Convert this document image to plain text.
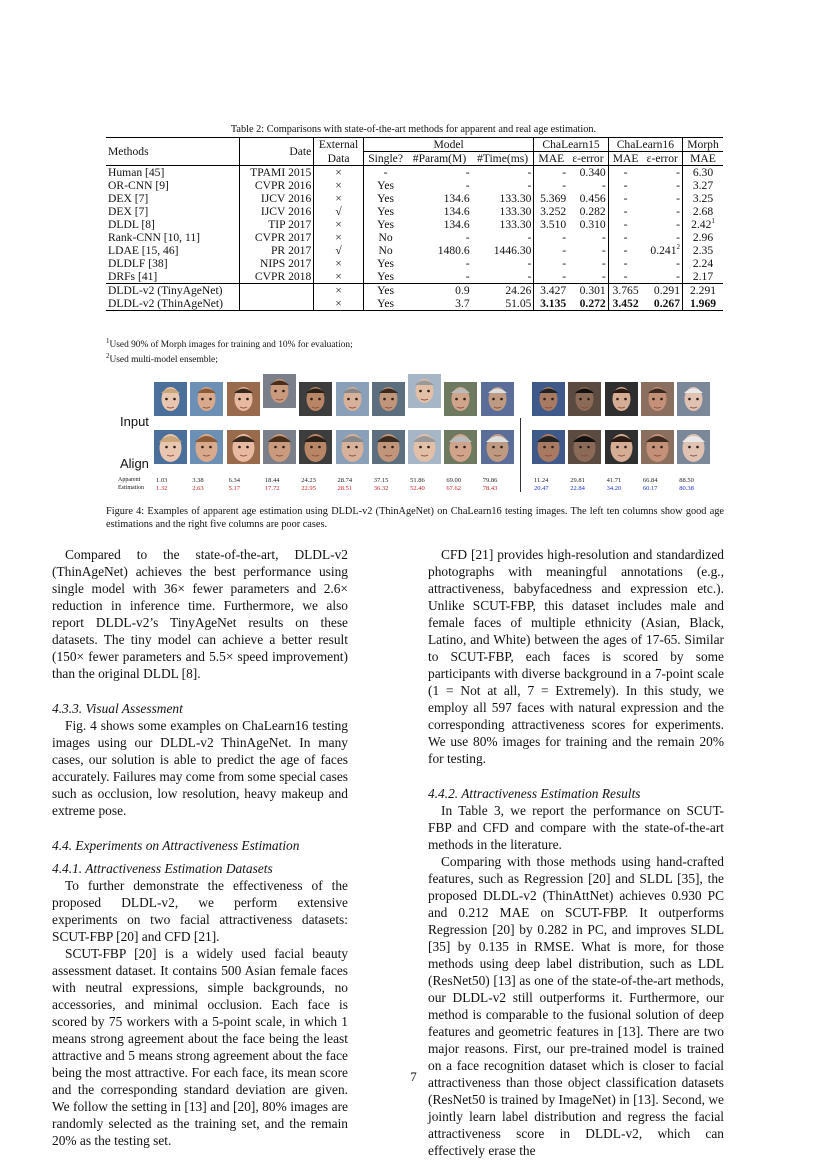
Table 2: Comparisons with state-of-the-art methods for apparent and real age estimation.
Methods	Date	External	Model			ChaLearn15		ChaLearn16		Morph
		Data	Single?	#Param(M)	#Time(ms)	MAE	ε-error	MAE	ε-error	MAE
Human [45]	TPAMI 2015	×	-	-	-	-	0.340	-	-	6.30
OR-CNN [9]	CVPR 2016	×	Yes	-	-	-	-	-	-	3.27
DEX [7]	IJCV 2016	×	Yes	134.6	133.30	5.369	0.456	-	-	3.25
DEX [7]	IJCV 2016	√	Yes	134.6	133.30	3.252	0.282	-	-	2.68
DLDL [8]	TIP 2017	×	Yes	134.6	133.30	3.510	0.310	-	-	2.42$^1$
Rank-CNN [10, 11]	CVPR 2017	×	No	-	-	-	-	-	-	2.96
LDAE [15, 46]	PR 2017	√	No	1480.6	1446.30	-	-	-	0.241$^2$	2.35
DLDLF [38]	NIPS 2017	×	Yes	-	-	-	-	-	-	2.24
DRFs [41]	CVPR 2018	×	Yes	-	-	-	-	-	-	2.17
DLDL-v2 (TinyAgeNet)		×	Yes	0.9	24.26	3.427	0.301	3.765	0.291	2.291
DLDL-v2 (ThinAgeNet)		×	Yes	3.7	51.05	3.135	0.272	3.452	0.267	1.969
$^1$Used 90% of Morph images for training and 10% for evaluation;
$^2$Used multi-model ensemble;
Input
Align
Apparent
Estimation
1.03
1.32
3.38
2.63
6.34
5.17
18.44
17.72
24.23
22.95
28.74
28.51
37.15
36.32
51.86
52.40
69.00
67.62
79.86
78.43
11.24
20.47
29.81
22.84
41.71
34.20
66.84
60.17
88.50
80.38
Figure 4: Examples of apparent age estimation using DLDL-v2 (ThinAgeNet) on ChaLearn16 testing images. The left ten columns show good age estimations and the right five columns are poor cases.

Compared to the state-of-the-art, DLDL-v2 (ThinAgeNet) achieves the best performance using single model with 36× fewer parameters and 2.6× reduction in inference time. Furthermore, we also report DLDL-v2’s TinyAgeNet results on these datasets. The tiny model can achieve a better result (150× fewer parameters and 5.5× speed improvement) than the original DLDL [8].

4.3.3. Visual Assessment

Fig. 4 shows some examples on ChaLearn16 testing images using our DLDL-v2 ThinAgeNet. In many cases, our solution is able to predict the age of faces accurately. Failures may come from some special cases such as occlusion, low resolution, heavy makeup and extreme pose.

4.4. Experiments on Attractiveness Estimation
4.4.1. Attractiveness Estimation Datasets

To further demonstrate the effectiveness of the proposed DLDL-v2, we perform extensive experiments on two facial attractiveness datasets: SCUT-FBP [20] and CFD [21].

SCUT-FBP [20] is a widely used facial beauty assessment dataset. It contains 500 Asian female faces with neutral expressions, simple backgrounds, no accessories, and minimal occlusion. Each face is scored by 75 workers with a 5-point scale, in which 1 means strong agreement about the face being the least attractive and 5 means strong agreement about the face being the most attractive. For each face, its mean score and the corresponding standard deviation are given. We follow the setting in [13] and [20], 80% images are randomly selected as the training set, and the remain 20% as the testing set.

CFD [21] provides high-resolution and standardized photographs with meaningful annotations (e.g., attractiveness, babyfacedness and expression etc.). Unlike SCUT-FBP, this dataset includes male and female faces of multiple ethnicity (Asian, Black, Latino, and White) between the ages of 17-65. Similar to SCUT-FBP, each faces is scored by some participants with diverse background in a 7-point scale (1 = Not at all, 7 = Extremely). In this study, we employ all 597 faces with natural expression and the corresponding attractiveness scores for experiments. We use 80% images for training and the remain 20% for testing.

4.4.2. Attractiveness Estimation Results

In Table 3, we report the performance on SCUT-FBP and CFD and compare with the state-of-the-art methods in the literature.

Comparing with those methods using hand-crafted features, such as Regression [20] and SLDL [35], the proposed DLDL-v2 (ThinAttNet) achieves 0.930 PC and 0.212 MAE on SCUT-FBP. It outperforms Regression [20] by 0.282 in PC, and improves SLDL [35] by 0.135 in RMSE. What is more, for those methods using deep label distribution, such as LDL (ResNet50) [13] as one of the state-of-the-art methods, our DLDL-v2 still outperforms it. Furthermore, our method is comparable to the fusional solution of deep features and geometric features in [13]. There are two major reasons. First, our pre-trained model is trained on a face recognition dataset which is closer to facial attractiveness than those object classification datasets (ResNet50 is trained by ImageNet) in [13]. Second, we jointly learn label distribution and regress the facial attractiveness score in DLDL-v2, which can effectively erase the

7
